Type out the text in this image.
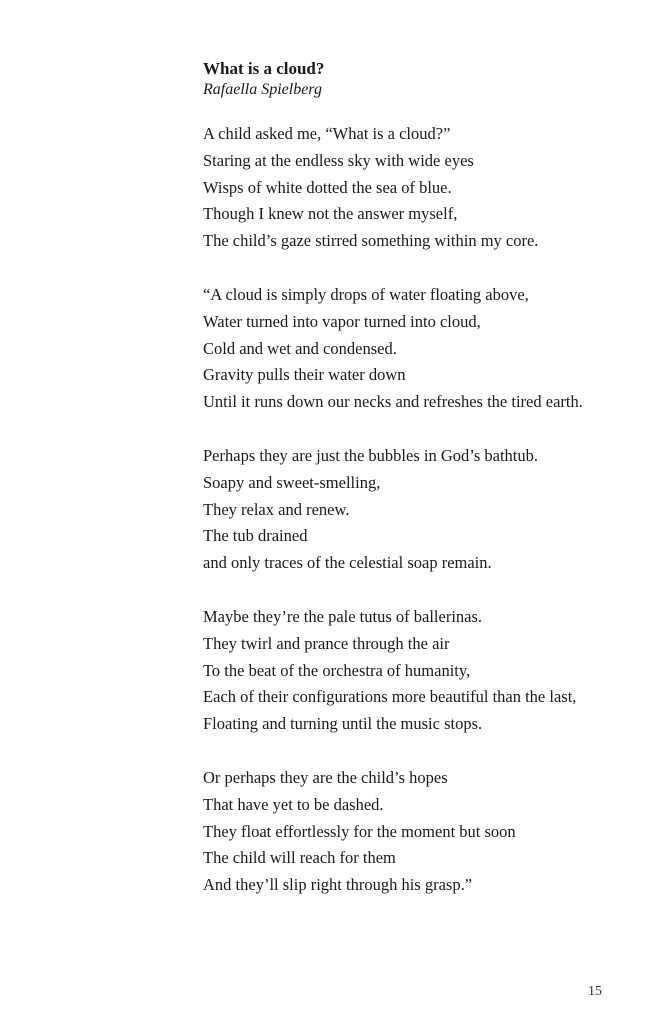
What is a cloud?

Rafaella Spielberg

A child asked me, “What is a cloud?”
Staring at the endless sky with wide eyes
Wisps of white dotted the sea of blue.
Though I knew not the answer myself,
The child’s gaze stirred something within my core.
“A cloud is simply drops of water floating above,
Water turned into vapor turned into cloud,
Cold and wet and condensed.
Gravity pulls their water down
Until it runs down our necks and refreshes the tired earth.
Perhaps they are just the bubbles in God’s bathtub.
Soapy and sweet-smelling,
They relax and renew.
The tub drained
and only traces of the celestial soap remain.
Maybe they’re the pale tutus of ballerinas.
They twirl and prance through the air
To the beat of the orchestra of humanity,
Each of their configurations more beautiful than the last,
Floating and turning until the music stops.
Or perhaps they are the child’s hopes
That have yet to be dashed.
They float effortlessly for the moment but soon
The child will reach for them
And they’ll slip right through his grasp.”
15
